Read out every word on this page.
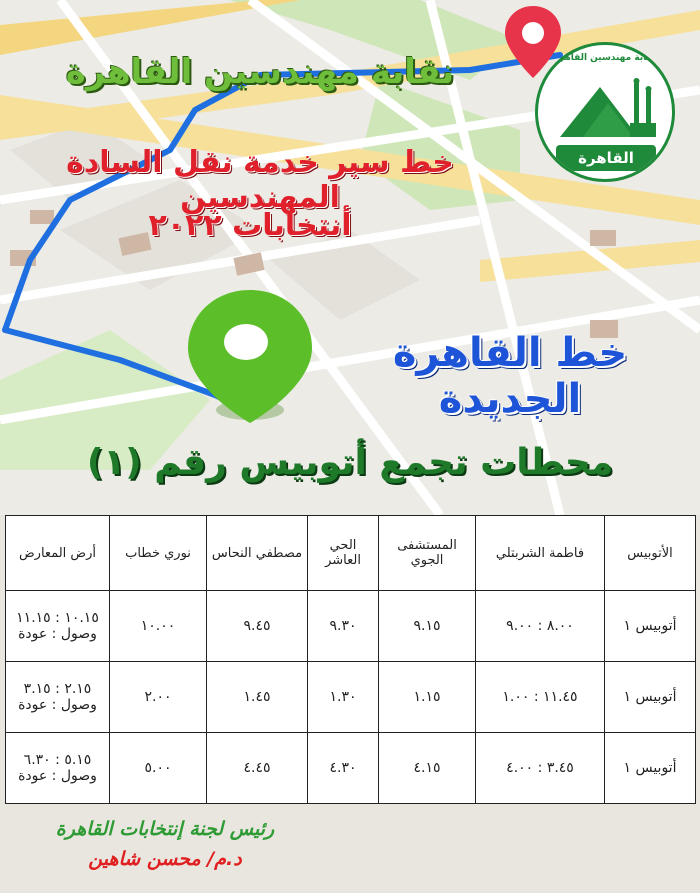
نقابة مهندسين القاهرة
القاهرة
نقابة مهندسين القاهرة
خط سير خدمة نقل السادة المهندسين
أنتخابات ٢٠٢٢
خط القاهرة الجديدة
محطات تجمع أتوبيس رقم (١)
الأتوبيس	فاطمة الشربتلي	المستشفى الجوي	الحي العاشر	مصطفي النحاس	نوري خطاب	أرض المعارض
أتوبيس ١	٨.٠٠ : ٩.٠٠	٩.١٥	٩.٣٠	٩.٤٥	١٠.٠٠	١٠.١٥ : ١١.١٥
وصول : عودة

أتوبيس ١	١١.٤٥ : ١.٠٠	١.١٥	١.٣٠	١.٤٥	٢.٠٠	٢.١٥ : ٣.١٥
وصول : عودة

أتوبيس ١	٣.٤٥ : ٤.٠٠	٤.١٥	٤.٣٠	٤.٤٥	٥.٠٠	٥.١٥ : ٦.٣٠
وصول : عودة
رئيس لجنة إنتخابات القاهرة
د.م/ محسن شاهين
